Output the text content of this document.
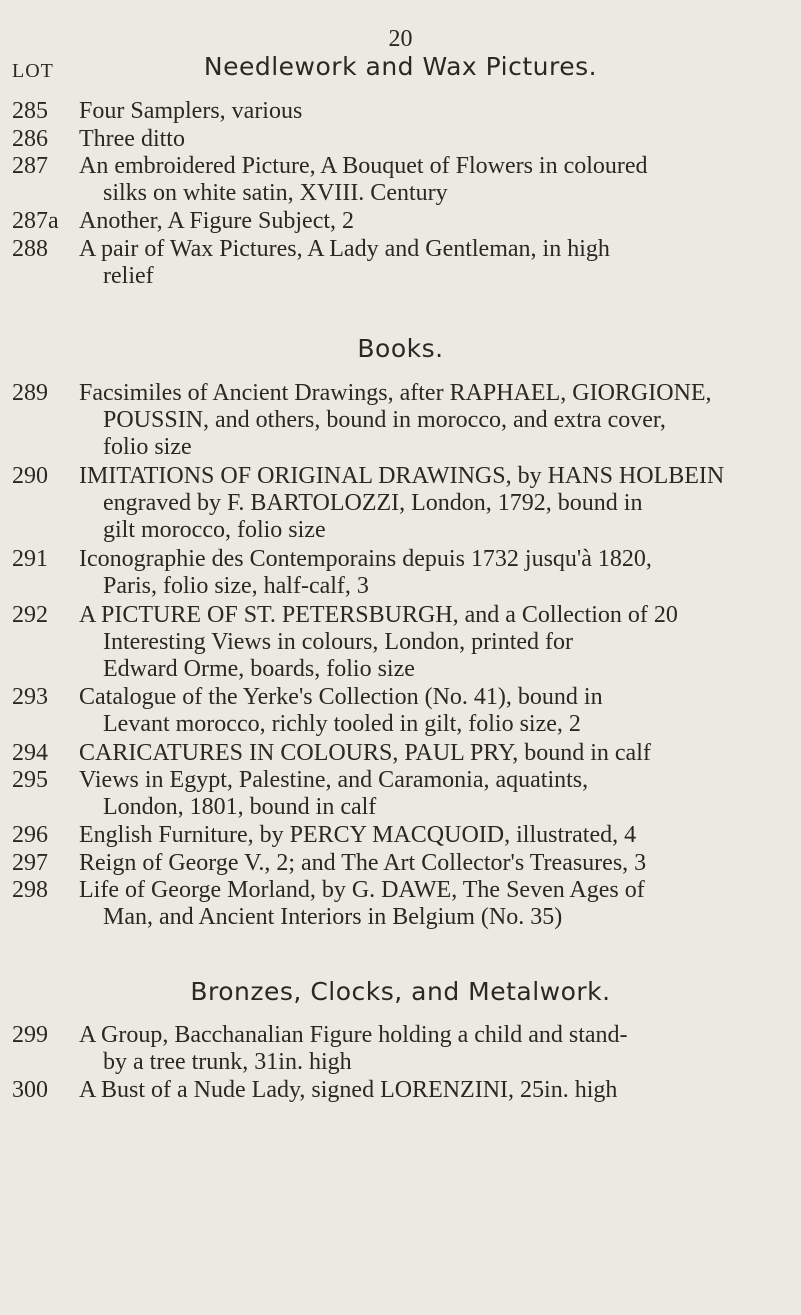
20
LOT	Needlework and Wax Pictures.
285	Four Samplers, various
286	Three ditto
287	An embroidered Picture, A Bouquet of Flowers in coloured
silks on white satin, XVIII. Century
287a Another, A Figure Subject, 2
288	A pair of Wax Pictures, A Lady and Gentleman, in high
relief
Books.
289	Facsimiles of Ancient Drawings, after RAPHAEL, GIORGIONE,
POUSSIN, and others, bound in morocco, and extra cover,
folio size
290	IMITATIONS OF ORIGINAL DRAWINGS, by HANS HOLBEIN
engraved by F. BARTOLOZZI, London, 1792, bound in
gilt morocco, folio size
291	Iconographie des Contemporains depuis 1732 jusqu'à 1820,
Paris, folio size, half-calf, 3
292	A PICTURE OF ST. PETERSBURGH, and a Collection of 20
Interesting Views in colours, London, printed for
Edward Orme, boards, folio size
293	Catalogue of the Yerke's Collection (No. 41), bound in
Levant morocco, richly tooled in gilt, folio size, 2
294	CARICATURES IN COLOURS, PAUL PRY, bound in calf
295	Views in Egypt, Palestine, and Caramonia, aquatints,
London, 1801, bound in calf
296	English Furniture, by PERCY MACQUOID, illustrated, 4
297	Reign of George V., 2; and The Art Collector's Treasures, 3
298	Life of George Morland, by G. DAWE, The Seven Ages of
Man, and Ancient Interiors in Belgium (No. 35)
Bronzes, Clocks, and Metalwork.
299	A Group, Bacchanalian Figure holding a child and stand-
by a tree trunk, 31in. high
300	A Bust of a Nude Lady, signed LORENZINI, 25in. high
